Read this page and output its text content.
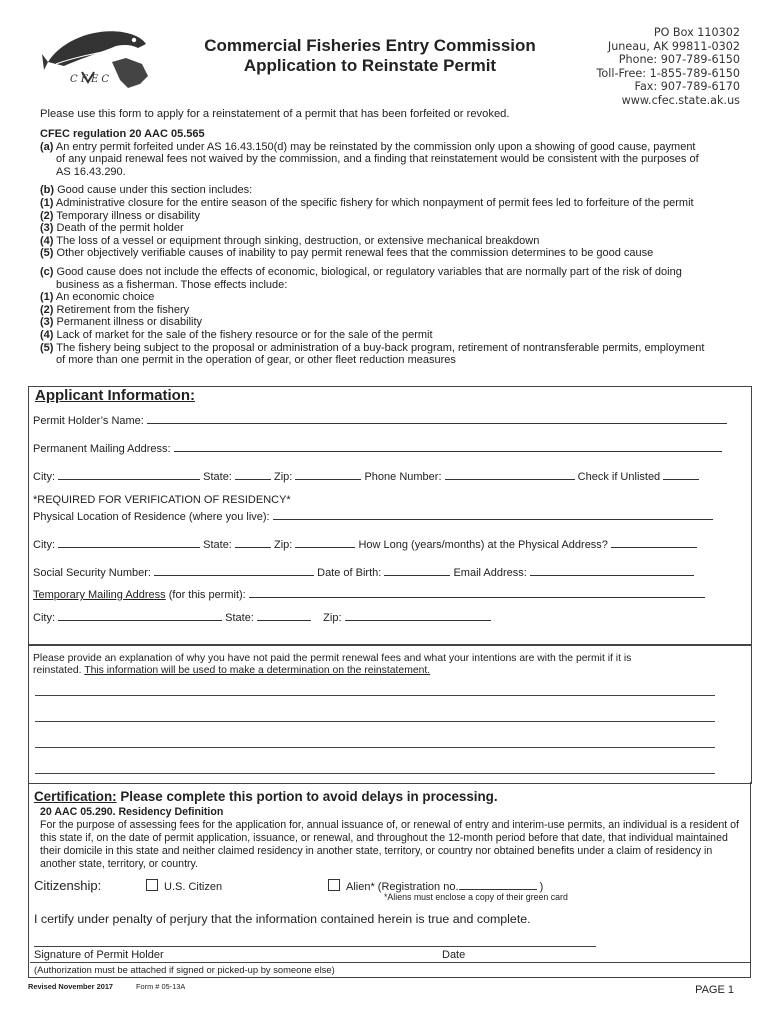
C F E C
Commercial Fisheries Entry Commission
Application to Reinstate Permit
PO Box 110302
Juneau, AK 99811-0302
Phone: 907-789-6150
Toll-Free: 1-855-789-6150
Fax: 907-789-6170
www.cfec.state.ak.us
Please use this form to apply for a reinstatement of a permit that has been forfeited or revoked.

CFEC regulation 20 AAC 05.565

(a) An entry permit forfeited under AS 16.43.150(d) may be reinstated by the commission only upon a showing of good cause, payment

of any unpaid renewal fees not waived by the commission, and a finding that reinstatement would be consistent with the purposes of

AS 16.43.290.

(b) Good cause under this section includes:

(1) Administrative closure for the entire season of the specific fishery for which nonpayment of permit fees led to forfeiture of the permit

(2) Temporary illness or disability

(3) Death of the permit holder

(4) The loss of a vessel or equipment through sinking, destruction, or extensive mechanical breakdown

(5) Other objectively verifiable causes of inability to pay permit renewal fees that the commission determines to be good cause

(c) Good cause does not include the effects of economic, biological, or regulatory variables that are normally part of the risk of doing

business as a fisherman. Those effects include:

(1) An economic choice

(2) Retirement from the fishery

(3) Permanent illness or disability

(4) Lack of market for the sale of the fishery resource or for the sale of the permit

(5) The fishery being subject to the proposal or administration of a buy-back program, retirement of nontransferable permits, employment

of more than one permit in the operation of gear, or other fleet reduction measures

Applicant Information:
Permit Holder’s Name:
Permanent Mailing Address:
City:	State:	Zip:	Phone Number:	Check if Unlisted
*REQUIRED FOR VERIFICATION OF RESIDENCY*
Physical Location of Residence (where you live):
City:	State:	Zip:	How Long (years/months) at the Physical Address?
Social Security Number:	Date of Birth:	Email Address:
Temporary Mailing Address (for this permit):
City:	State:	Zip:
Please provide an explanation of why you have not paid the permit renewal fees and what your intentions are with the permit if it is
reinstated. This information will be used to make a determination on the reinstatement.
Certification: Please complete this portion to avoid delays in processing.
20 AAC 05.290. Residency Definition
For the purpose of assessing fees for the application for, annual issuance of, or renewal of entry and interim-use permits, an individual is a resident of this state if, on the date of permit application, issuance, or renewal, and throughout the 12-month period before that date, that individual maintained their domicile in this state and neither claimed residency in another state, territory, or country nor obtained benefits under a claim of residency in another state, territory, or country.
Citizenship:	U.S. Citizen	Alien* (Registration no.	)
*Aliens must enclose a copy of their green card
I certify under penalty of perjury that the information contained herein is true and complete.
Signature of Permit Holder	Date
(Authorization must be attached if signed or picked-up by someone else)
Revised November 2017	Form # 05-13A	PAGE 1
